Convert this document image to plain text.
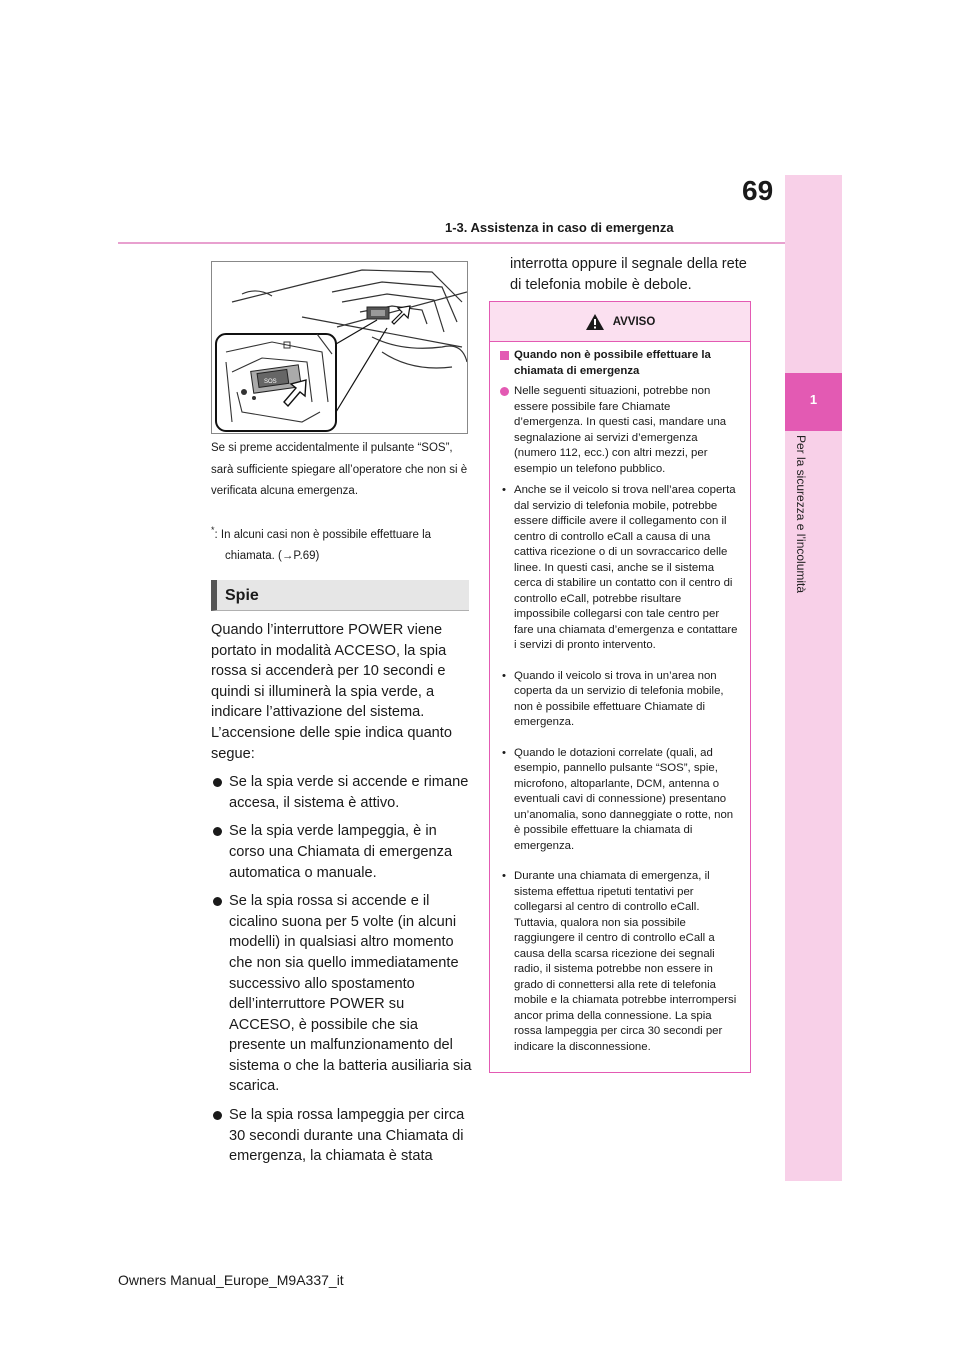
69
1-3. Assistenza in caso di emergenza
1
Per la sicurezza e l’incolumità
SOS
Se si preme accidentalmente il pulsante “SOS”, sarà sufficiente spiegare all’operatore che non si è verificata alcuna emergenza.
*: In alcuni casi non è possibile effettuare la
chiamata. (→P.69)
Spie

Quando l’interruttore POWER viene portato in modalità ACCESO, la spia rossa si accenderà per 10 secondi e quindi si illuminerà la spia verde, a indicare l’attivazione del sistema. L’accensione delle spie indica quanto segue:

Se la spia verde si accende e rimane accesa, il sistema è attivo.
Se la spia verde lampeggia, è in corso una Chiamata di emergenza automatica o manuale.
Se la spia rossa si accende e il cicalino suona per 5 volte (in alcuni modelli) in qualsiasi altro momento che non sia quello immediatamente successivo allo spostamento dell’interruttore POWER su ACCESO, è possibile che sia presente un malfunzionamento del sistema o che la batteria ausiliaria sia scarica.
Se la spia rossa lampeggia per circa 30 secondi durante una Chiamata di emergenza, la chiamata è stata
interrotta oppure il segnale della rete di telefonia mobile è debole.
AVVISO
Quando non è possibile effettuare la chiamata di emergenza
Nelle seguenti situazioni, potrebbe non essere possibile fare Chiamate d’emergenza. In questi casi, mandare una segnalazione ai servizi d’emergenza (numero 112, ecc.) con altri mezzi, per esempio un telefono pubblico.
• Anche se il veicolo si trova nell’area coperta dal servizio di telefonia mobile, potrebbe essere difficile avere il collegamento con il centro di controllo eCall a causa di una cattiva ricezione o di un sovraccarico delle linee. In questi casi, anche se il sistema cerca di stabilire un contatto con il centro di controllo eCall, potrebbe risultare impossibile collegarsi con tale centro per fare una chiamata d’emergenza e contattare i servizi di pronto intervento.
• Quando il veicolo si trova in un’area non coperta da un servizio di telefonia mobile, non è possibile effettuare Chiamate di emergenza.
• Quando le dotazioni correlate (quali, ad esempio, pannello pulsante “SOS”, spie, microfono, altoparlante, DCM, antenna o eventuali cavi di connessione) presentano un’anomalia, sono danneggiate o rotte, non è possibile effettuare la chiamata di emergenza.
• Durante una chiamata di emergenza, il sistema effettua ripetuti tentativi per collegarsi al centro di controllo eCall. Tuttavia, qualora non sia possibile raggiungere il centro di controllo eCall a causa della scarsa ricezione dei segnali radio, il sistema potrebbe non essere in grado di connettersi alla rete di telefonia mobile e la chiamata potrebbe interrompersi ancor prima della connessione. La spia rossa lampeggia per circa 30 secondi per indicare la disconnessione.
Owners Manual_Europe_M9A337_it
